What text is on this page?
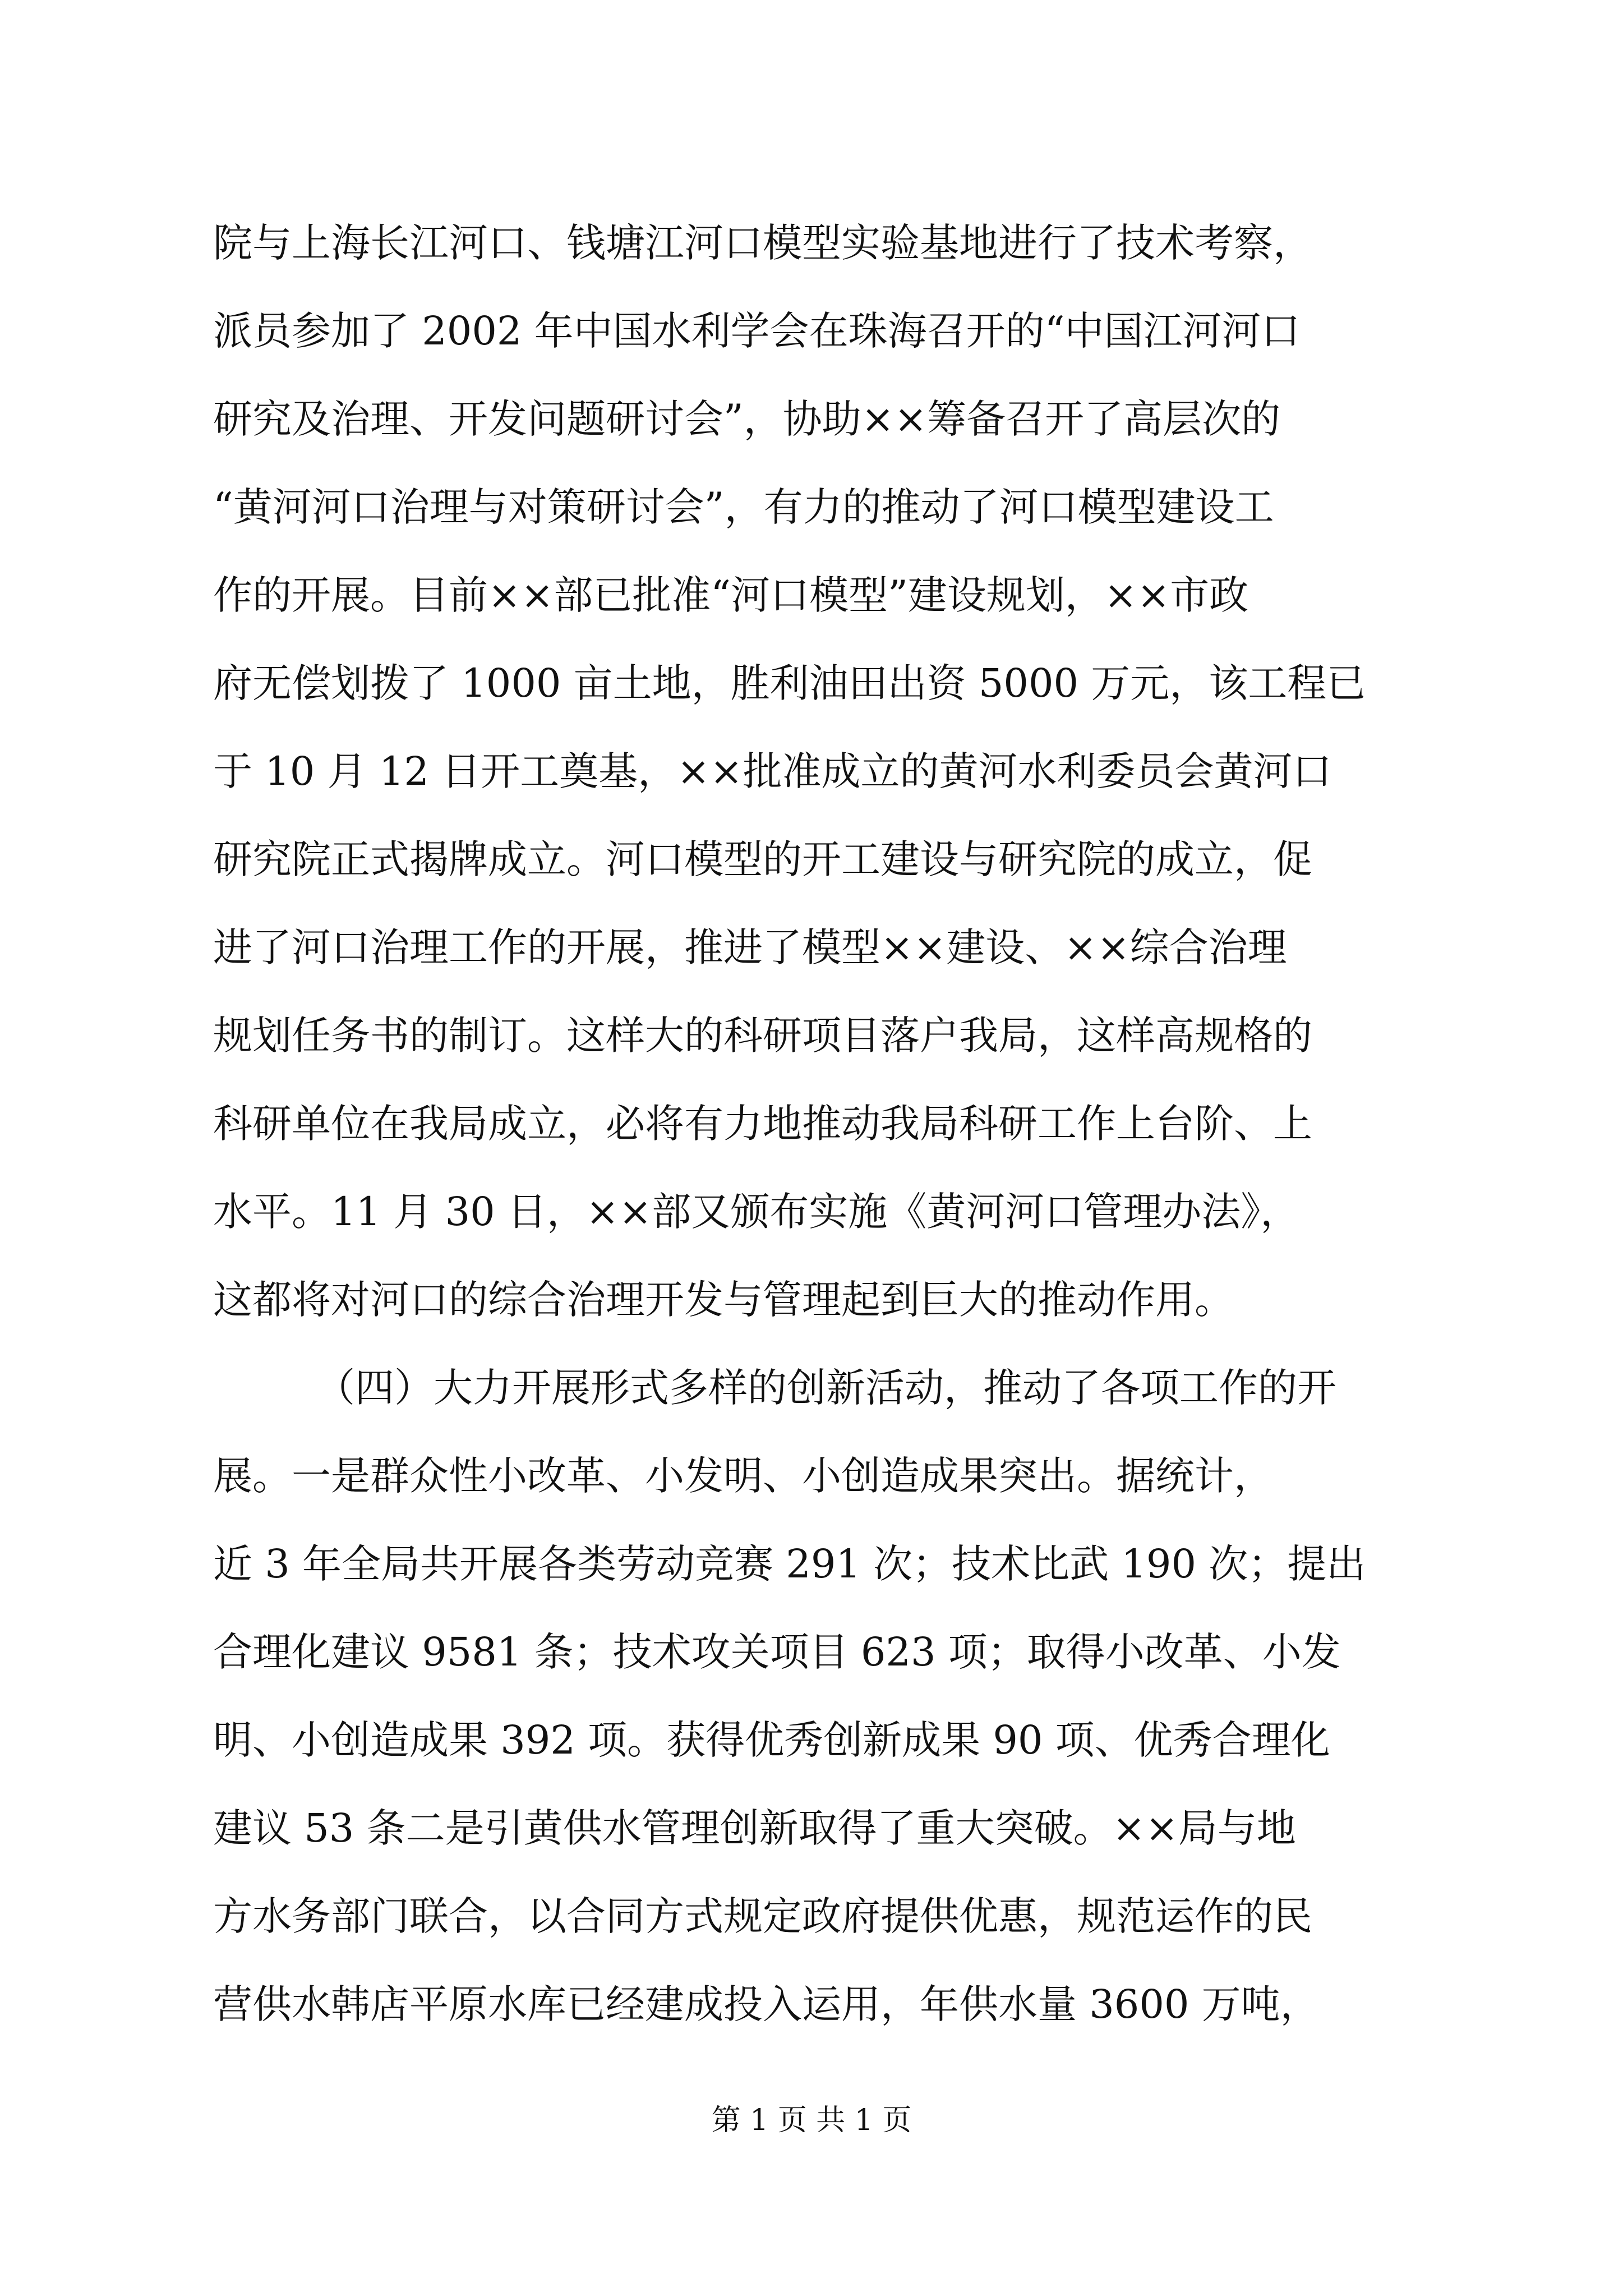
院与上海长江河口、钱塘江河口模型实验基地进行了技术考察，
派员参加了 2002 年中国水利学会在珠海召开的“中国江河河口
研究及治理、开发问题研讨会”，协助××筹备召开了高层次的
“黄河河口治理与对策研讨会”，有力的推动了河口模型建设工
作的开展。目前××部已批准“河口模型”建设规划，××市政
府无偿划拨了 1000 亩土地，胜利油田出资 5000 万元，该工程已
于 10 月 12 日开工奠基，××批准成立的黄河水利委员会黄河口
研究院正式揭牌成立。河口模型的开工建设与研究院的成立，促
进了河口治理工作的开展，推进了模型××建设、××综合治理
规划任务书的制订。这样大的科研项目落户我局，这样高规格的
科研单位在我局成立，必将有力地推动我局科研工作上台阶、上
水平。11 月 30 日，××部又颁布实施《黄河河口管理办法》，
这都将对河口的综合治理开发与管理起到巨大的推动作用。
（四）大力开展形式多样的创新活动，推动了各项工作的开
展。一是群众性小改革、小发明、小创造成果突出。据统计，
近 3 年全局共开展各类劳动竞赛 291 次；技术比武 190 次；提出
合理化建议 9581 条；技术攻关项目 623 项；取得小改革、小发
明、小创造成果 392 项。获得优秀创新成果 90 项、优秀合理化
建议 53 条二是引黄供水管理创新取得了重大突破。××局与地
方水务部门联合，以合同方式规定政府提供优惠，规范运作的民
营供水韩店平原水库已经建成投入运用，年供水量 3600 万吨，
第 1 页 共 1 页
